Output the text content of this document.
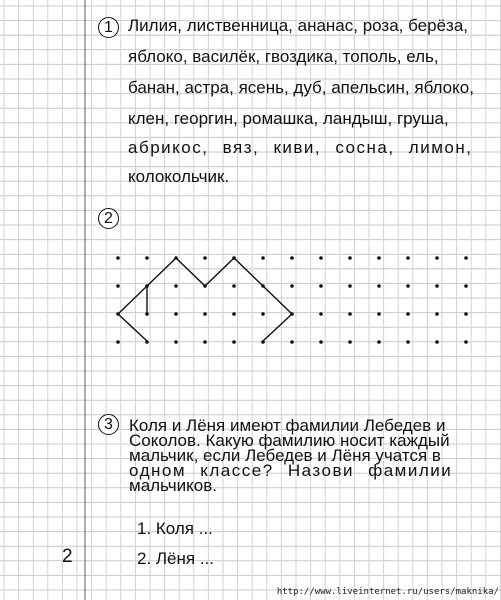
1 Лилия, лиственница, ананас, роза, берёза,
яблоко, василёк, гвоздика, тополь, ель,
банан, астра, ясень, дуб, апельсин, яблоко,
клен, георгин, ромашка, ландыш, груша,
абрикос, вяз, киви, сосна, лимон,
колокольчик.
2
3 Коля и Лёня имеют фамилии Лебедев и
Соколов. Какую фамилию носит каждый
мальчик, если Лебедев и Лёня учатся в
одном классе? Назови фамилии
мальчиков.
1. Коля ...
2. Лёня ...
2
http://www.liveinternet.ru/users/maknika/
